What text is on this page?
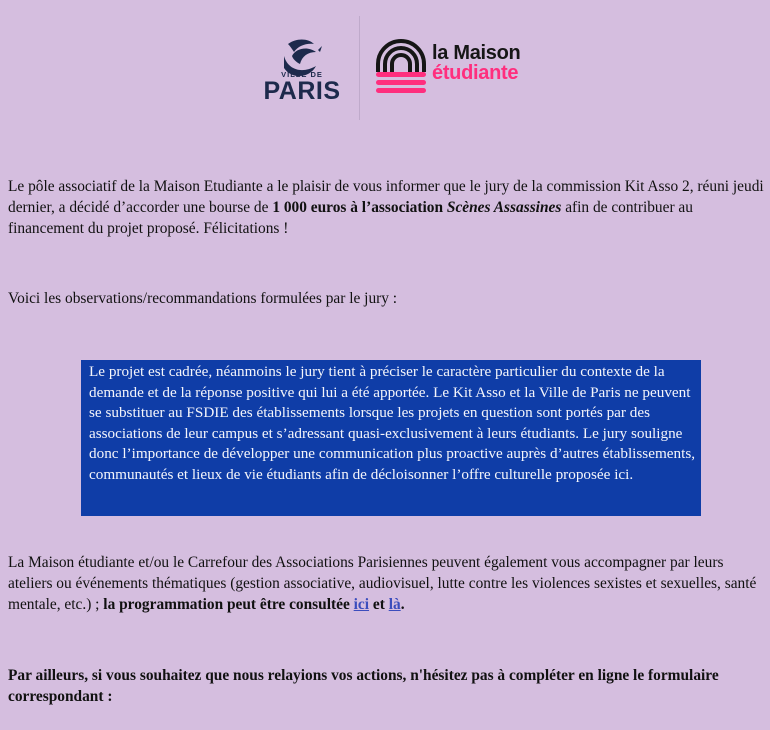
VILLE DE
PARIS
la Maison
étudiante

Le pôle associatif de la Maison Etudiante a le plaisir de vous informer que le jury de la commission Kit Asso 2, réuni jeudi dernier, a décidé d’accorder une bourse de 1 000 euros à l’association Scènes Assassines afin de contribuer au financement du projet proposé. Félicitations !

Voici les observations/recommandations formulées par le jury :

Le projet est cadrée, néanmoins le jury tient à préciser le caractère particulier du contexte de la demande et de la réponse positive qui lui a été apportée. Le Kit Asso et la Ville de Paris ne peuvent se substituer au FSDIE des établissements lorsque les projets en question sont portés par des associations de leur campus et s’adressant quasi-exclusivement à leurs étudiants. Le jury souligne donc l’importance de développer une communication plus proactive auprès d’autres établissements, communautés et lieux de vie étudiants afin de décloisonner l’offre culturelle proposée ici.

La Maison étudiante et/ou le Carrefour des Associations Parisiennes peuvent également vous accompagner par leurs ateliers ou événements thématiques (gestion associative, audiovisuel, lutte contre les violences sexistes et sexuelles, santé mentale, etc.) ; la programmation peut être consultée ici et là.

Par ailleurs, si vous souhaitez que nous relayions vos actions, n'hésitez pas à compléter en ligne le formulaire correspondant :
